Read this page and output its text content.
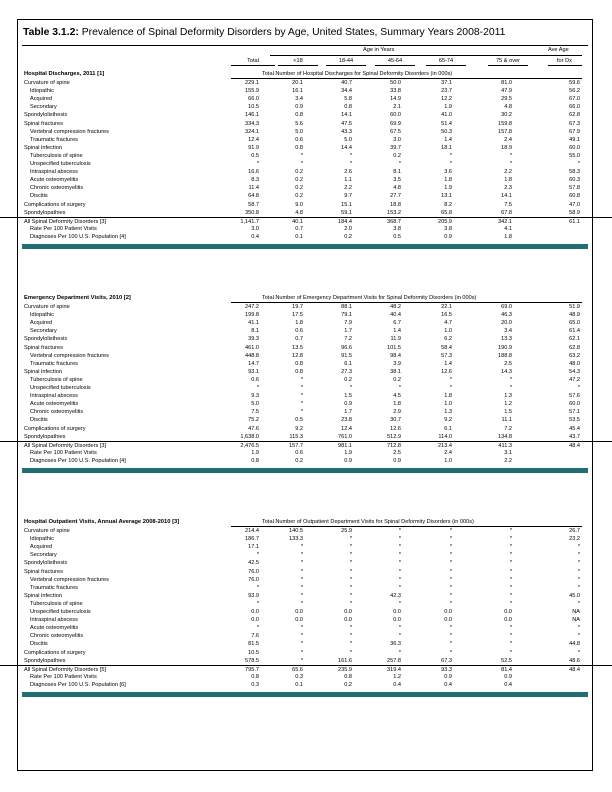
Table 3.1.2: Prevalence of Spinal Deformity Disorders by Age, United States, Summary Years 2008-2011
Age in Years	Ave Age
Total	<18	18-44	45-64	65-74	75 & over	for Dx
Hospital Discharges, 2011 [1]	Total Number of Hospital Discharges for Spinal Deformity Disorders (in 000s)
Curvature of spine	229.1	20.1	40.7	50.0	37.1	81.0	59.6
Idiopathic	155.9	16.1	34.4	33.8	23.7	47.9	56.2
Acquired	66.0	3.4	5.8	14.9	12.2	29.5	67.0
Secondary	10.5	0.9	0.8	2.1	1.9	4.8	66.0
Spondylolisthesis	146.1	0.8	14.1	60.0	41.0	30.2	62.8
Spinal fractures	334.3	5.6	47.5	69.9	51.4	159.8	67.3
Vertebral compression fractures	324.1	5.0	43.3	67.5	50.3	157.8	67.9
Traumatic fractures	12.4	0.6	5.0	3.0	1.4	2.4	49.1
Spinal infection	91.9	0.8	14.4	39.7	18.1	18.9	60.0
Tuberculosis of spine	0.5	*	*	0.2	*	*	55.0
Unspecified tuberculosis	*	*	*	*	*	*	*
Intraspinal abscess	16.6	0.2	2.6	8.1	3.6	2.2	58.3
Acute osteomyelitis	8.3	0.2	1.1	3.5	1.8	1.8	60.3
Chronic osteomyelitis	11.4	0.2	2.2	4.8	1.9	2.3	57.8
Discitis	64.8	0.2	9.7	27.7	13.1	14.1	60.8
Complications of surgery	58.7	9.0	15.1	18.8	8.2	7.5	47.0
Spondylopathies	350.8	4.8	59.1	153.2	65.8	67.8	58.9
All Spinal Deformity Disorders [3]	1,141.7	40.1	184.4	368.7	205.9	342.1	61.1
Rate Per 100 Patient Visits	3.0	0.7	2.0	3.8	3.8	4.1
Diagnoses Per 100 U.S. Population [4]	0.4	0.1	0.2	0.5	0.9	1.8
Emergency Department Visits, 2010 [2]	Total Number of Emergency Department Visits for Spinal Deformity Disorders (in 000s)
Curvature of spine	247.2	19.7	88.1	48.2	22.1	69.0	51.9
Idiopathic	199.8	17.5	79.1	40.4	16.5	46.3	48.9
Acquired	41.1	1.8	7.9	6.7	4.7	20.0	65.0
Secondary	8.1	0.6	1.7	1.4	1.0	3.4	61.4
Spondylolisthesis	39.3	0.7	7.2	11.9	6.2	13.3	62.1
Spinal fractures	461.0	13.5	96.6	101.5	58.4	190.9	62.8
Vertebral compression fractures	448.8	12.8	91.5	98.4	57.3	188.8	63.2
Traumatic fractures	14.7	0.8	6.1	3.9	1.4	2.5	48.0
Spinal infection	93.1	0.8	27.3	38.1	12.6	14.3	54.3
Tuberculosis of spine	0.6	*	0.2	0.2	*	*	47.2
Unspecified tuberculosis	*	*	*	*	*	*	*
Intraspinal abscess	9.3	*	1.5	4.5	1.8	1.3	57.6
Acute osteomyelitis	5.0	*	0.9	1.8	1.0	1.2	60.0
Chronic osteomyelitis	7.5	*	1.7	2.9	1.3	1.5	57.1
Discitis	75.2	0.5	23.8	30.7	9.2	11.1	53.5
Complications of surgery	47.6	9.2	12.4	12.6	6.1	7.2	45.4
Spondylopathies	1,638.0	115.3	761.0	512.9	114.0	134.8	43.7
All Spinal Deformity Disorders [3]	2,476.5	157.7	981.1	712.8	213.4	411.3	48.4
Rate Per 100 Patient Visits	1.9	0.6	1.9	2.5	2.4	3.1
Diagnoses Per 100 U.S. Population [4]	0.8	0.2	0.9	0.9	1.0	2.2
Hospital Outpatient Visits, Annual Average 2008-2010 [3]	Total Number of Outpatient Department Visits for Spinal Deformity Disorders (in 000s)
Curvature of spine	214.4	140.5	25.9	*	*	*	26.7
Idiopathic	186.7	133.3	*	*	*	*	23.2
Acquired	17.1	*	*	*	*	*	*
Secondary	*	*	*	*	*	*	*
Spondylolisthesis	42.5	*	*	*	*	*	*
Spinal fractures	76.0	*	*	*	*	*	*
Vertebral compression fractures	76.0	*	*	*	*	*	*
Traumatic fractures	*	*	*	*	*	*	*
Spinal infection	93.9	*	*	42.3	*	*	45.0
Tuberculosis of spine	*	*	*	*	*	*	*
Unspecified tuberculosis	0.0	0.0	0.0	0.0	0.0	0.0	NA
Intraspinal abscess	0.0	0.0	0.0	0.0	0.0	0.0	NA
Acute osteomyelitis	*	*	*	*	*	*	*
Chronic osteomyelitis	7.6	*	*	*	*	*	*
Discitis	81.5	*	*	36.3	*	*	44.8
Complications of surgery	10.5	*	*	*	*	*	*
Spondylopathies	578.5	*	161.6	257.8	67.3	52.5	48.6
All Spinal Deformity Disorders [5]	795.7	65.6	235.9	319.4	93.3	81.4	48.4
Rate Per 100 Patient Visits	0.8	0.3	0.8	1.2	0.9	0.9
Diagnoses Per 100 U.S. Population [6]	0.3	0.1	0.2	0.4	0.4	0.4
